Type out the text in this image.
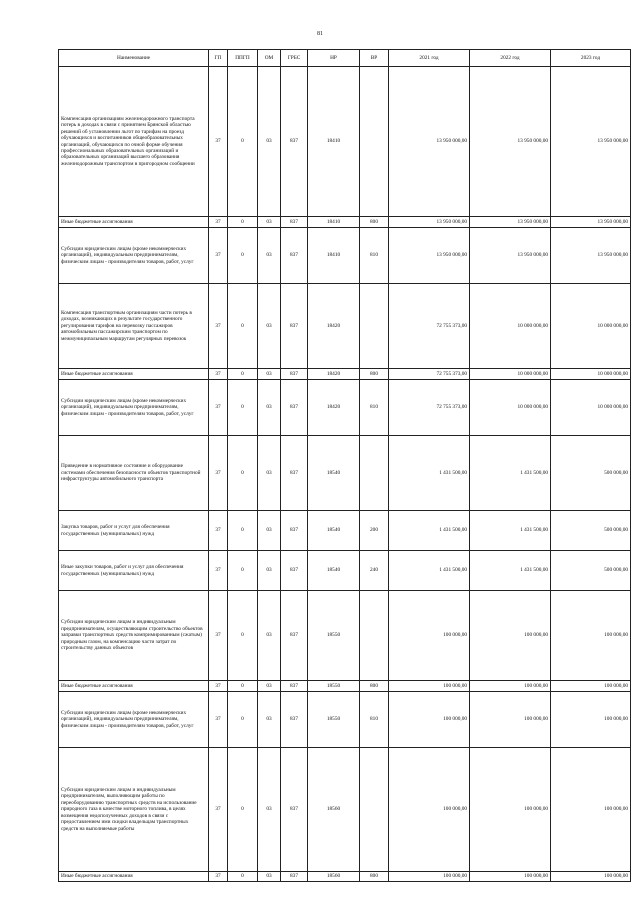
81
Наименование	ГП	ППГП	ОМ	ГРБС	НР	ВР	2021 год	2022 год	2023 год
Компенсация организациям железнодорожного транспорта потерь в доходах в связи с принятием Брянской областью решений об установлении льгот по тарифам на проезд обучающихся и воспитанников общеобразовательных организаций, обучающихся по очной форме обучения профессиональных образовательных организаций и образовательных организаций высшего образования железнодорожным транспортом в пригородном сообщении	37	0	03	837	18410		13 950 000,00	13 950 000,00	13 950 000,00
Иные бюджетные ассигнования	37	0	03	837	18410	800	13 950 000,00	13 950 000,00	13 950 000,00
Субсидии юридическим лицам (кроме некоммерческих организаций), индивидуальным предпринимателям, физическим лицам - производителям товаров, работ, услуг	37	0	03	837	18410	810	13 950 000,00	13 950 000,00	13 950 000,00
Компенсация транспортным организациям части потерь в доходах, возникающих в результате государственного регулирования тарифов на перевозку пассажиров автомобильным пассажирским транспортом по межмуниципальным маршрутам регулярных перевозок	37	0	03	837	18420		72 755 373,00	10 000 000,00	10 000 000,00
Иные бюджетные ассигнования	37	0	03	837	18420	800	72 755 373,00	10 000 000,00	10 000 000,00
Субсидии юридическим лицам (кроме некоммерческих организаций), индивидуальным предпринимателям, физическим лицам - производителям товаров, работ, услуг	37	0	03	837	18420	810	72 755 373,00	10 000 000,00	10 000 000,00
Приведение в нормативное состояние и оборудование системами обеспечения безопасности объектов транспортной инфраструктуры автомобильного транспорта	37	0	03	837	18540		1 431 500,00	1 431 500,00	500 000,00
Закупка товаров, работ и услуг для обеспечения государственных (муниципальных) нужд	37	0	03	837	18540	200	1 431 500,00	1 431 500,00	500 000,00
Иные закупки товаров, работ и услуг для обеспечения государственных (муниципальных) нужд	37	0	03	837	18540	240	1 431 500,00	1 431 500,00	500 000,00
Субсидии юридическим лицам и индивидуальным предпринимателям, осуществляющим строительство объектов заправки транспортных средств компримированным (сжатым) природным газом, на компенсацию части затрат по строительству данных объектов	37	0	03	837	18550		100 000,00	100 000,00	100 000,00
Иные бюджетные ассигнования	37	0	03	837	18550	800	100 000,00	100 000,00	100 000,00
Субсидии юридическим лицам (кроме некоммерческих организаций), индивидуальным предпринимателям, физическим лицам - производителям товаров, работ, услуг	37	0	03	837	18550	810	100 000,00	100 000,00	100 000,00
Субсидии юридическим лицам и индивидуальным предпринимателям, выполняющим работы по переоборудованию транспортных средств на использование природного газа в качестве моторного топлива, в целях возмещения недополученных доходов в связи с предоставлением ими скидки владельцам транспортных средств на выполняемые работы	37	0	03	837	18560		100 000,00	100 000,00	100 000,00
Иные бюджетные ассигнования	37	0	03	837	18560	800	100 000,00	100 000,00	100 000,00
